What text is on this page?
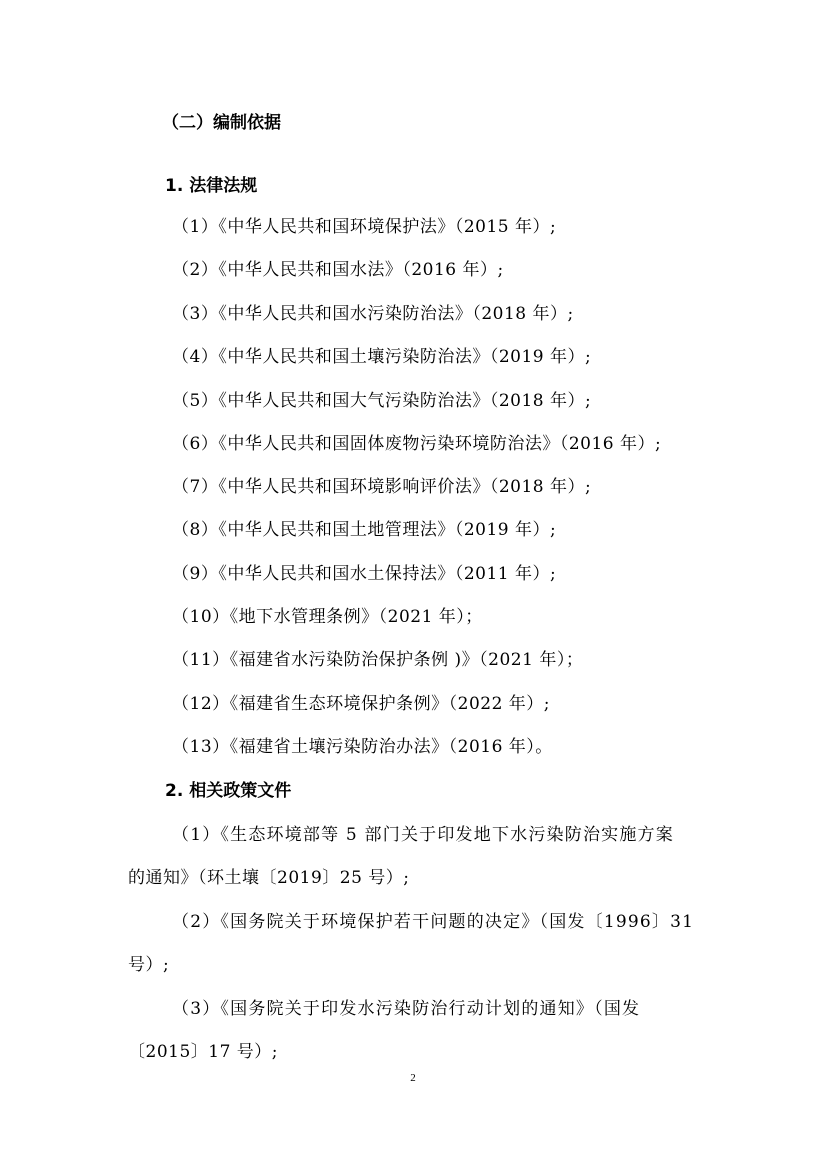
（二）编制依据
1. 法律法规
（1）《中华人民共和国环境保护法》（2015 年）;
（2）《中华人民共和国水法》（2016 年）;
（3）《中华人民共和国水污染防治法》（2018 年）;
（4）《中华人民共和国土壤污染防治法》（2019 年）;
（5）《中华人民共和国大气污染防治法》（2018 年）;
（6）《中华人民共和国固体废物污染环境防治法》（2016 年）;
（7）《中华人民共和国环境影响评价法》（2018 年）;
（8）《中华人民共和国土地管理法》（2019 年）;
（9）《中华人民共和国水土保持法》（2011 年）;
（10）《地下水管理条例》（2021 年）；
（11）《福建省水污染防治保护条例 )》（2021 年）；
（12）《福建省生态环境保护条例》（2022 年）;
（13）《福建省土壤污染防治办法》（2016 年）。
2. 相关政策文件
（1）《生态环境部等 5 部门关于印发地下水污染防治实施方案
的通知》（环土壤〔2019〕25 号）;
（2）《国务院关于环境保护若干问题的决定》（国发〔1996〕31
号）;
（3）《国务院关于印发水污染防治行动计划的通知》（国发
〔2015〕17 号）;
2
